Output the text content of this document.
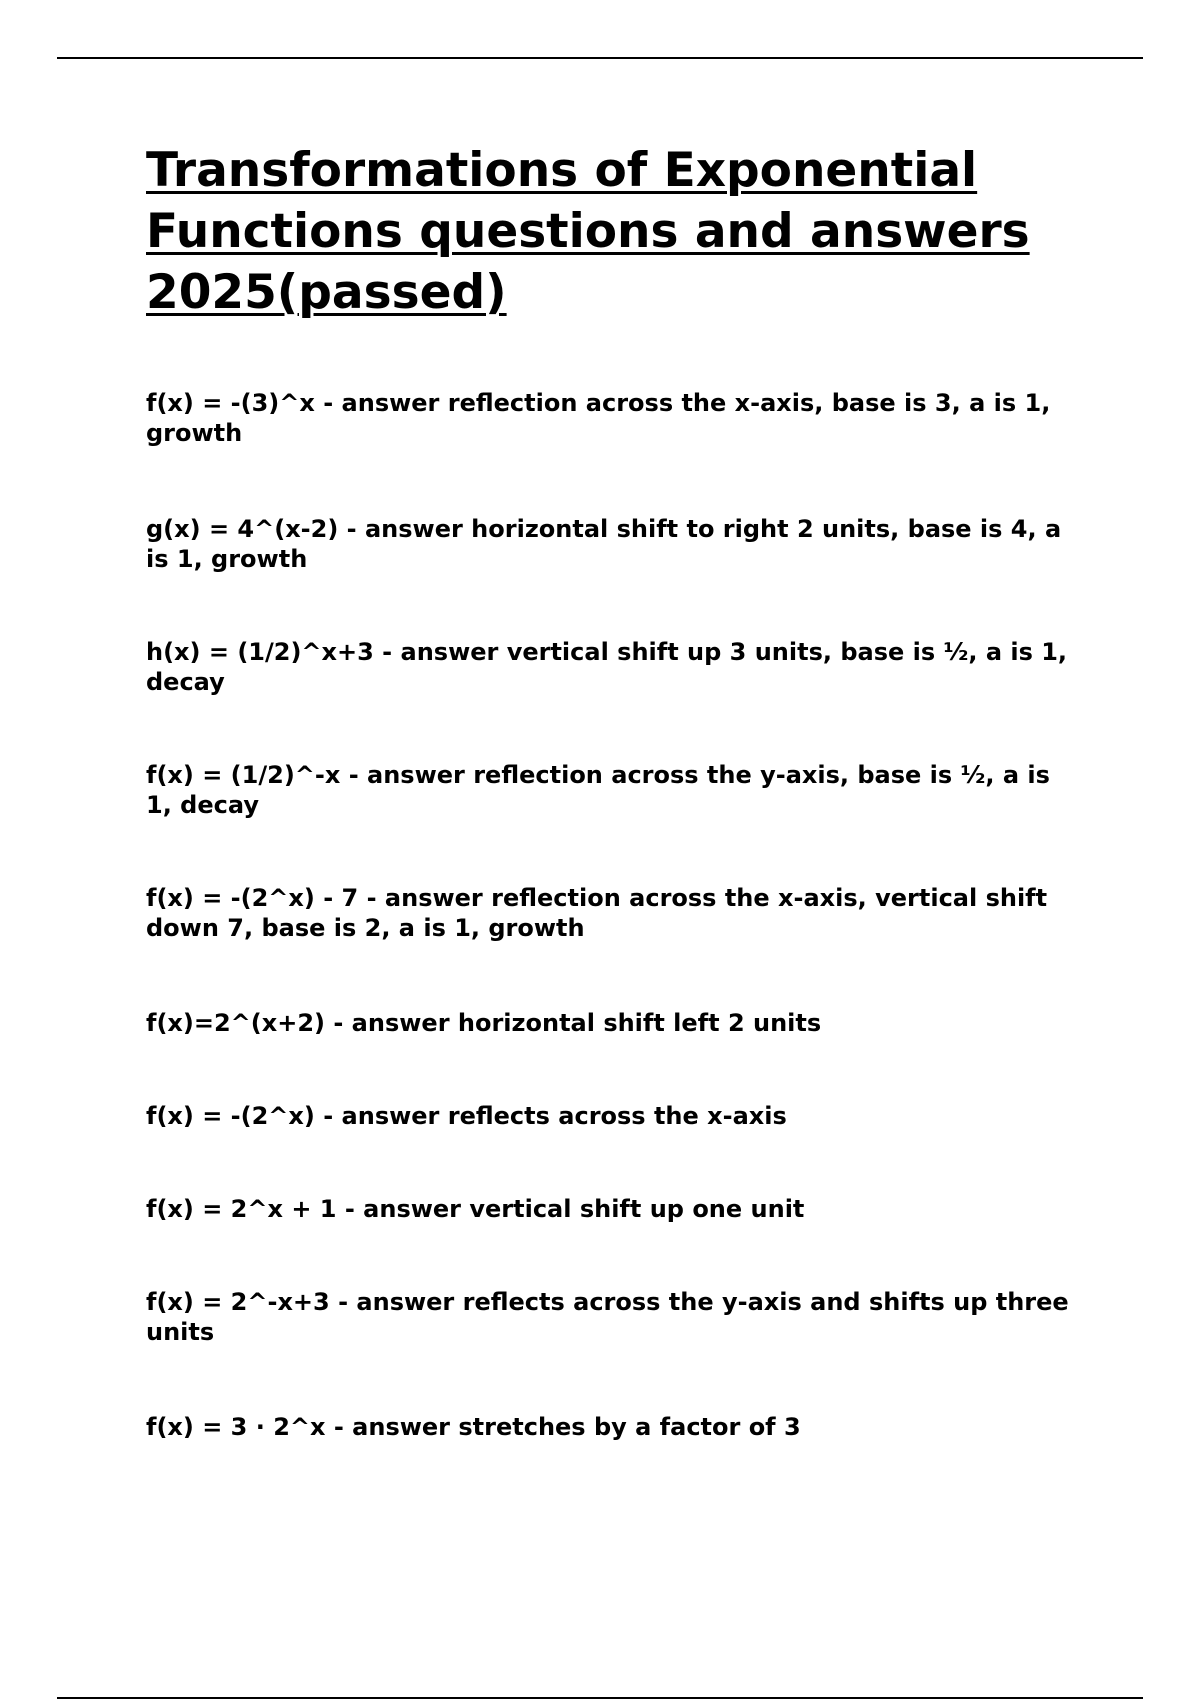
Transformations of Exponential Functions questions and answers 2025(passed)
f(x) = -(3)^x - answer reflection across the x-axis, base is 3, a is 1, growth
g(x) = 4^(x-2) - answer horizontal shift to right 2 units, base is 4, a is 1, growth
h(x) = (1/2)^x+3 - answer vertical shift up 3 units, base is ½, a is 1, decay
f(x) = (1/2)^-x - answer reflection across the y-axis, base is ½, a is 1, decay
f(x) = -(2^x) - 7 - answer reflection across the x-axis, vertical shift down 7, base is 2, a is 1, growth
f(x)=2^(x+2) - answer horizontal shift left 2 units
f(x) = -(2^x) - answer reflects across the x-axis
f(x) = 2^x + 1 - answer vertical shift up one unit
f(x) = 2^-x+3 - answer reflects across the y-axis and shifts up three units
f(x) = 3 · 2^x - answer stretches by a factor of 3
